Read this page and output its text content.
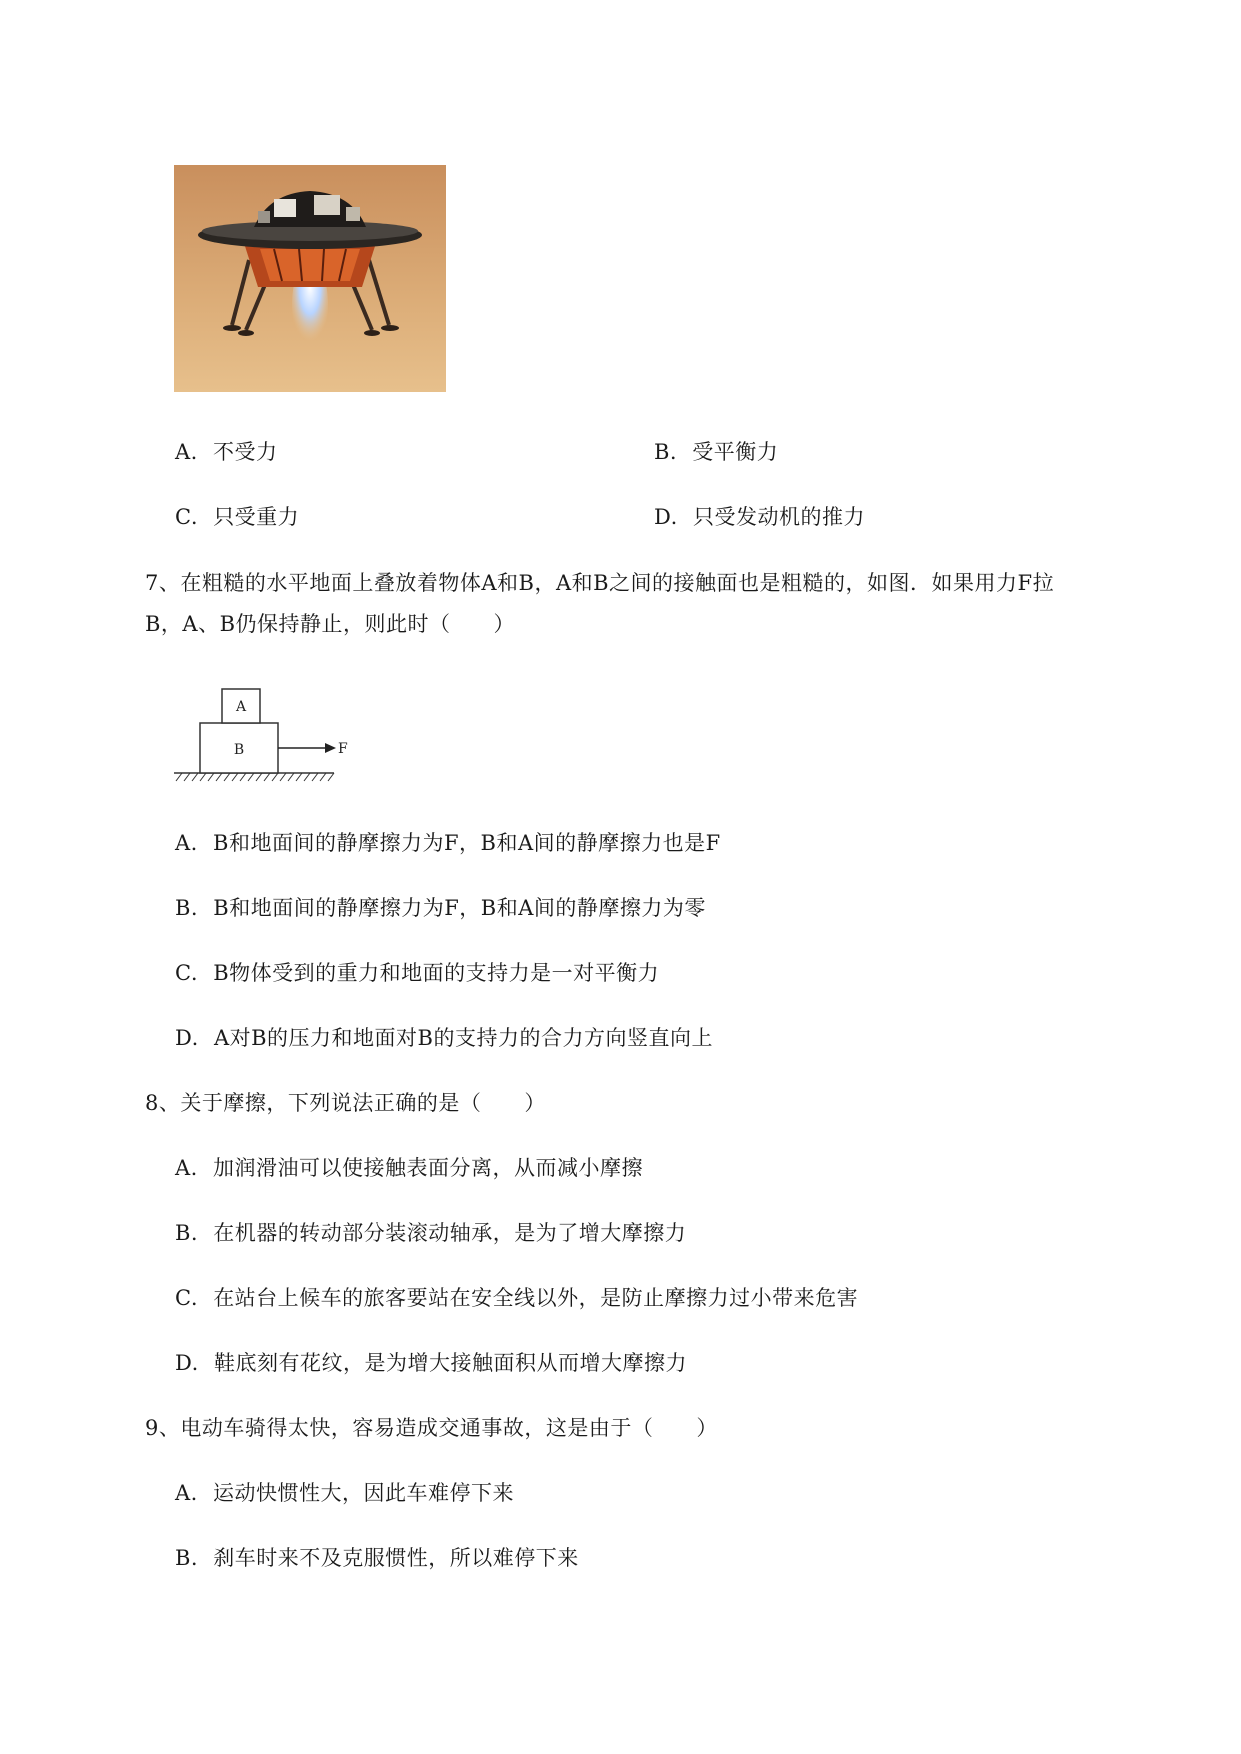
A. 不受力	B. 受平衡力
C. 只受重力	D. 只受发动机的推力
7、在粗糙的水平地面上叠放着物体A和B，A和B之间的接触面也是粗糙的，如图．如果用力F拉
B，A、B仍保持静止，则此时（　　）
B
A
F
A. B和地面间的静摩擦力为F，B和A间的静摩擦力也是F
B. B和地面间的静摩擦力为F，B和A间的静摩擦力为零
C. B物体受到的重力和地面的支持力是一对平衡力
D. A对B的压力和地面对B的支持力的合力方向竖直向上
8、关于摩擦，下列说法正确的是（　　）
A. 加润滑油可以使接触表面分离，从而减小摩擦
B. 在机器的转动部分装滚动轴承，是为了增大摩擦力
C. 在站台上候车的旅客要站在安全线以外，是防止摩擦力过小带来危害
D. 鞋底刻有花纹，是为增大接触面积从而增大摩擦力
9、电动车骑得太快，容易造成交通事故，这是由于（　　）
A. 运动快惯性大，因此车难停下来
B. 刹车时来不及克服惯性，所以难停下来
